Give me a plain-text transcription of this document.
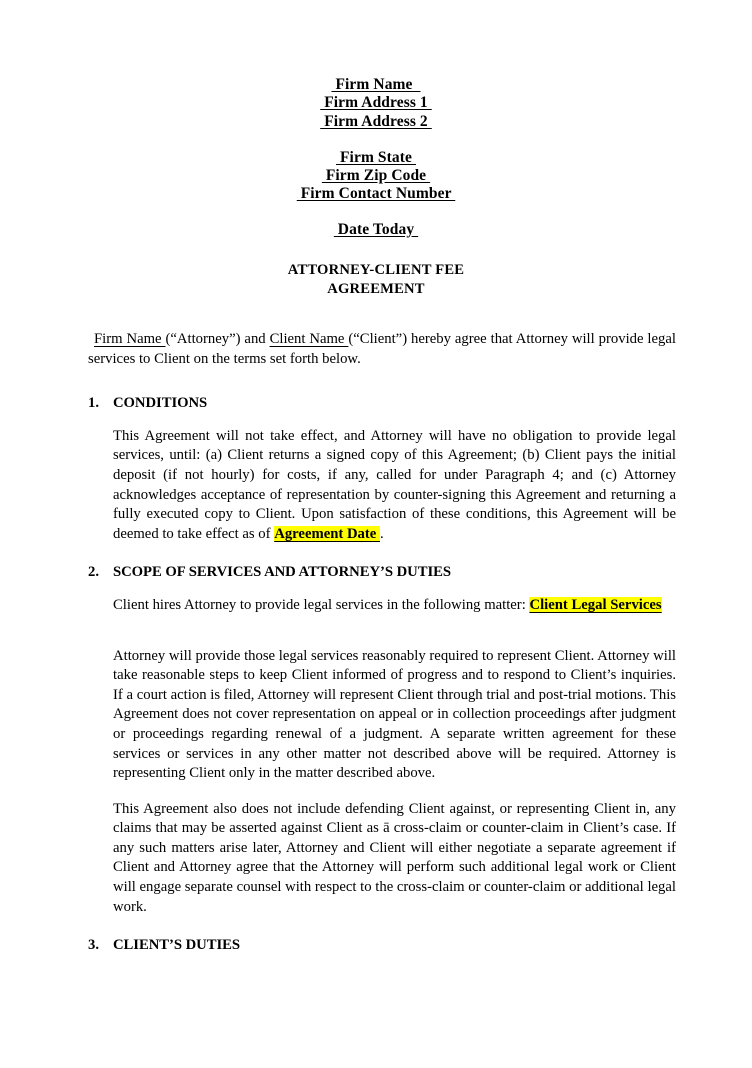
Firm Name
Firm Address 1
Firm Address 2
Firm State
Firm Zip Code
Firm Contact Number
Date Today
ATTORNEY-CLIENT FEE
AGREEMENT

Firm Name (“Attorney”) and Client Name (“Client”) hereby agree that Attorney will provide legal services to Client on the terms set forth below.

1. CONDITIONS

This Agreement will not take effect, and Attorney will have no obligation to provide legal services, until: (a) Client returns a signed copy of this Agreement; (b) Client pays the initial deposit (if not hourly) for costs, if any, called for under Paragraph 4; and (c) Attorney acknowledges acceptance of representation by counter-signing this Agreement and returning a fully executed copy to Client. Upon satisfaction of these conditions, this Agreement will be deemed to take effect as of Agreement Date .

2. SCOPE OF SERVICES AND ATTORNEY’S DUTIES

Client hires Attorney to provide legal services in the following matter: Client Legal Services

Attorney will provide those legal services reasonably required to represent Client. Attorney will take reasonable steps to keep Client informed of progress and to respond to Client’s inquiries. If a court action is filed, Attorney will represent Client through trial and post-trial motions. This Agreement does not cover representation on appeal or in collection proceedings after judgment or proceedings regarding renewal of a judgment. A separate written agreement for these services or services in any other matter not described above will be required. Attorney is representing Client only in the matter described above.

This Agreement also does not include defending Client against, or representing Client in, any claims that may be asserted against Client as ā cross-claim or counter-claim in Client’s case. If any such matters arise later, Attorney and Client will either negotiate a separate agreement if Client and Attorney agree that the Attorney will perform such additional legal work or Client will engage separate counsel with respect to the cross-claim or counter-claim or additional legal work.

3. CLIENT’S DUTIES
